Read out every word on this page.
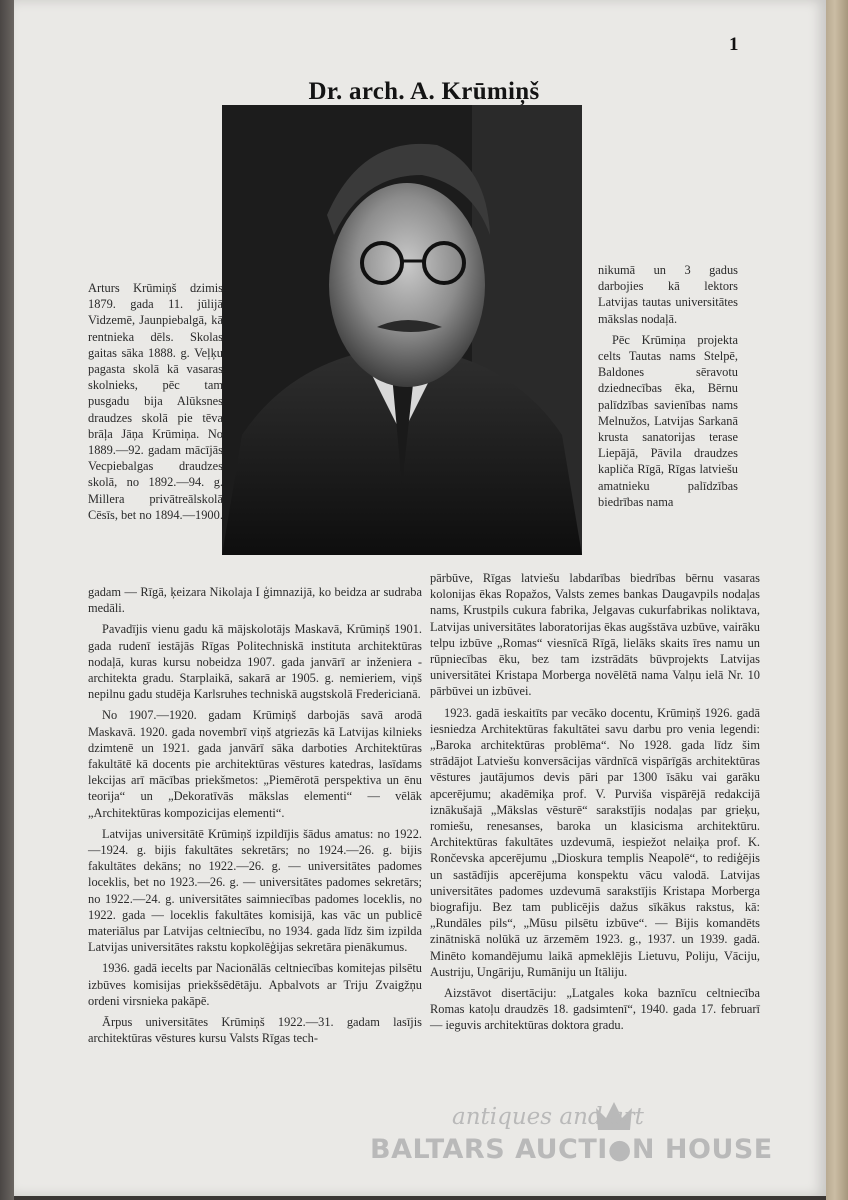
1
Dr. arch. A. Krūmiņš

Arturs Krūmiņš dzimis 1879. gada 11. jūlijā Vidzemē, Jaunpiebalgā, kā rentnieka dēls. Skolas gaitas sāka 1888. g. Veļķu pagasta skolā kā vasaras skolnieks, pēc tam pusgadu bija Alūksnes draudzes skolā pie tēva brāļa Jāņa Krūmiņa. No 1889.—92. gadam mācījās Vecpiebalgas draudzes skolā, no 1892.—94. g. Millera privātreālskolā Cēsīs, bet no 1894.—1900.

nikumā un 3 gadus darbojies kā lektors Latvijas tautas universitātes mākslas nodaļā.

Pēc Krūmiņa projekta celts Tautas nams Stelpē, Baldones sēravotu dziednecības ēka, Bērnu palīdzības savienības nams Melnužos, Latvijas Sarkanā krusta sanatorijas terase Liepājā, Pāvila draudzes kapliča Rīgā, Rīgas latviešu amatnieku palīdzības biedrības nama

gadam — Rīgā, ķeizara Nikolaja I ģimnazijā, ko beidza ar sudraba medāli.

Pavadījis vienu gadu kā mājskolotājs Maskavā, Krūmiņš 1901. gada rudenī iestājās Rīgas Politechniskā instituta architektūras nodaļā, kuras kursu nobeidza 1907. gada janvārī ar inženiera - architekta gradu. Starplaikā, sakarā ar 1905. g. nemieriem, viņš nepilnu gadu studēja Karlsruhes techniskā augstskolā Fredericianā.

No 1907.—1920. gadam Krūmiņš darbojās savā arodā Maskavā. 1920. gada novembrī viņš atgriezās kā Latvijas kilnieks dzimtenē un 1921. gada janvārī sāka darboties Architektūras fakultātē kā docents pie architektūras vēstures katedras, lasīdams lekcijas arī mācības priekšmetos: „Piemērotā perspektiva un ēnu teorija“ un „Dekoratīvās mākslas elementi“ — vēlāk „Architektūras kompozicijas elementi“.

Latvijas universitātē Krūmiņš izpildījis šādus amatus: no 1922.—1924. g. bijis fakultātes sekretārs; no 1924.—26. g. bijis fakultātes dekāns; no 1922.—26. g. — universitātes padomes loceklis, bet no 1923.—26. g. — universitātes padomes sekretārs; no 1922.—24. g. universitātes saimniecības padomes loceklis, no 1922. gada — loceklis fakultātes komisijā, kas vāc un publicē materiālus par Latvijas celtniecību, no 1934. gada līdz šim izpilda Latvijas universitātes rakstu kopkolēģijas sekretāra pienākumus.

1936. gadā iecelts par Nacionālās celtniecības komitejas pilsētu izbūves komisijas priekšsēdētāju. Apbalvots ar Triju Zvaigžņu ordeni virsnieka pakāpē.

Ārpus universitātes Krūmiņš 1922.—31. gadam lasījis architektūras vēstures kursu Valsts Rīgas tech-

pārbūve, Rīgas latviešu labdarības biedrības bērnu vasaras kolonijas ēkas Ropažos, Valsts zemes bankas Daugavpils nodaļas nams, Krustpils cukura fabrika, Jelgavas cukurfabrikas noliktava, Latvijas universitātes laboratorijas ēkas augšstāva uzbūve, vairāku telpu izbūve „Romas“ viesnīcā Rīgā, lielāks skaits īres namu un rūpniecības ēku, bez tam izstrādāts būvprojekts Latvijas universitātei Kristapa Morberga novēlētā nama Valņu ielā Nr. 10 pārbūvei un izbūvei.

1923. gadā ieskaitīts par vecāko docentu, Krūmiņš 1926. gadā iesniedza Architektūras fakultātei savu darbu pro venia legendi: „Baroka architektūras problēma“. No 1928. gada līdz šim strādājot Latviešu konversācijas vārdnīcā vispārīgās architektūras vēstures jautājumos devis pāri par 1300 īsāku vai garāku apcerējumu; akadēmiķa prof. V. Purviša vispārējā redakcijā iznākušajā „Mākslas vēsturē“ sarakstījis nodaļas par grieķu, romiešu, renesanses, baroka un klasicisma architektūru. Architektūras fakultātes uzdevumā, iespiežot nelaiķa prof. K. Rončevska apcerējumu „Dioskura templis Neapolē“, to rediģējis un sastādījis apcerējuma konspektu vācu valodā. Latvijas universitātes padomes uzdevumā sarakstījis Kristapa Morberga biografiju. Bez tam publicējis dažus sīkākus rakstus, kā: „Rundāles pils“, „Mūsu pilsētu izbūve“. — Bijis komandēts zinātniskā nolūkā uz ārzemēm 1923. g., 1937. un 1939. gadā. Minēto komandējumu laikā apmeklējis Lietuvu, Poliju, Vāciju, Austriju, Ungāriju, Rumāniju un Itāliju.

Aizstāvot disertāciju: „Latgales koka baznīcu celtniecība Romas katoļu draudzēs 18. gadsimtenī“, 1940. gada 17. februarī — ieguvis architektūras doktora gradu.

antiques and art
BALTARS AUCTI●N HOUSE
